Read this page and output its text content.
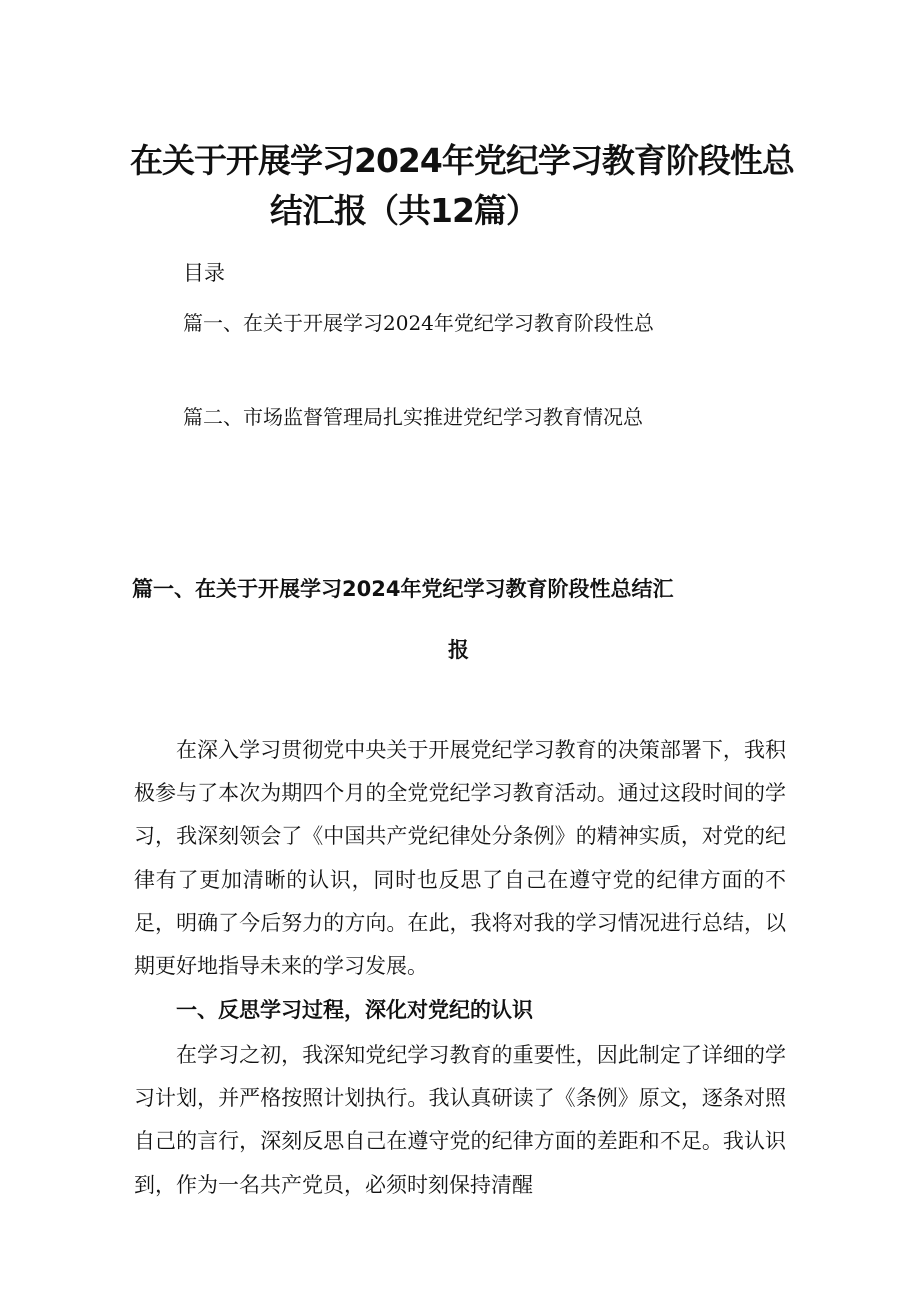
在关于开展学习2024年党纪学习教育阶段性总
结汇报（共12篇）
目录
篇一、在关于开展学习2024年党纪学习教育阶段性总
篇二、市场监督管理局扎实推进党纪学习教育情况总
篇一、在关于开展学习2024年党纪学习教育阶段性总结汇
报

在深入学习贯彻党中央关于开展党纪学习教育的决策部署下，我积极参与了本次为期四个月的全党党纪学习教育活动。通过这段时间的学习，我深刻领会了《中国共产党纪律处分条例》的精神实质，对党的纪律有了更加清晰的认识，同时也反思了自己在遵守党的纪律方面的不足，明确了今后努力的方向。在此，我将对我的学习情况进行总结，以期更好地指导未来的学习发展。

一、反思学习过程，深化对党纪的认识

在学习之初，我深知党纪学习教育的重要性，因此制定了详细的学习计划，并严格按照计划执行。我认真研读了《条例》原文，逐条对照自己的言行，深刻反思自己在遵守党的纪律方面的差距和不足。我认识到，作为一名共产党员，必须时刻保持清醒
